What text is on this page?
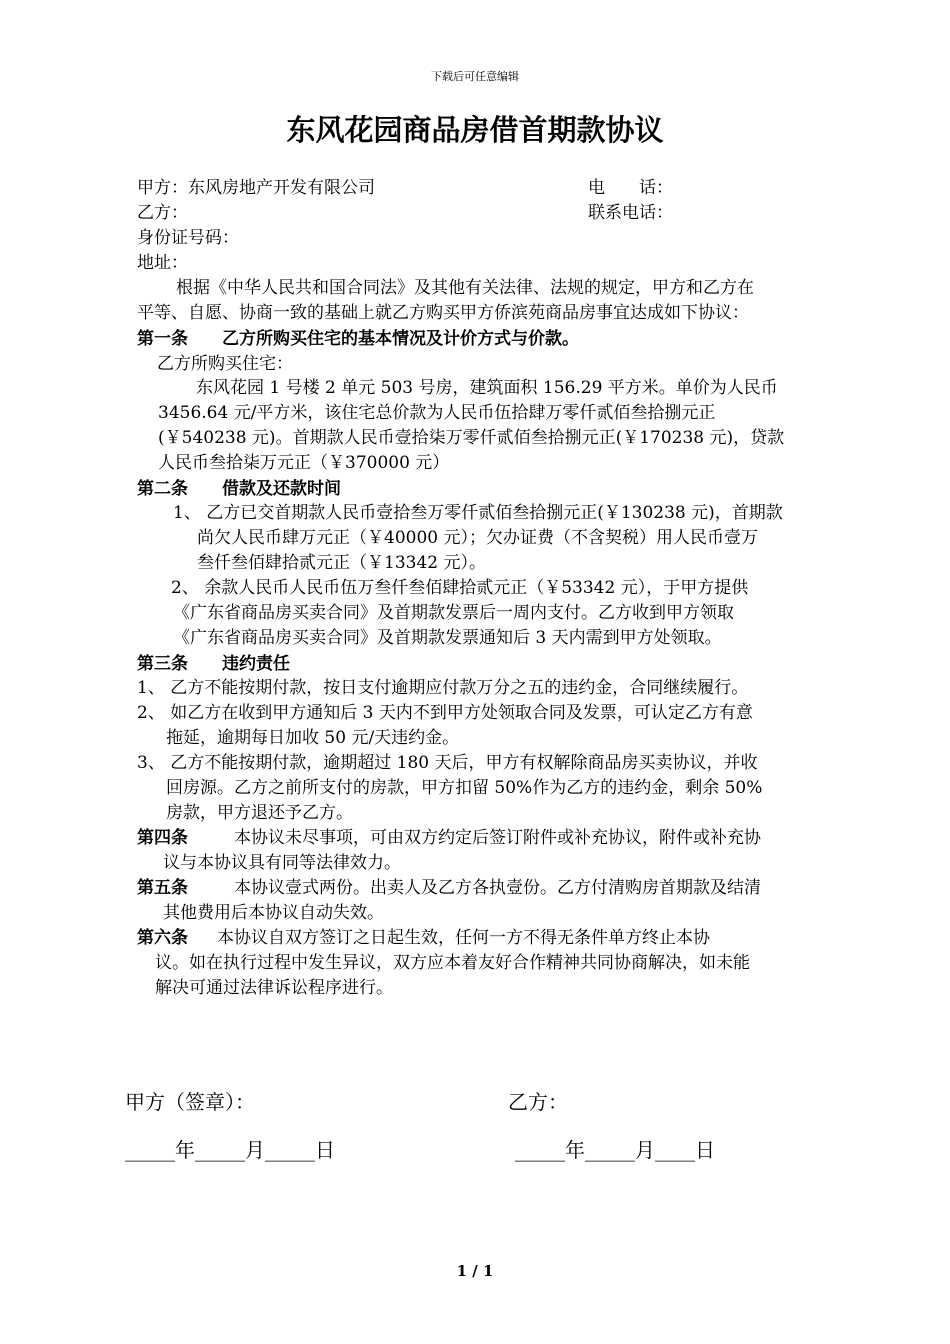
下载后可任意编辑
东风花园商品房借首期款协议
甲方：东风房地产开发有限公司	电　　话：
乙方：	联系电话：
身份证号码：
地址：
根据《中华人民共和国合同法》及其他有关法律、法规的规定，甲方和乙方在
平等、自愿、协商一致的基础上就乙方购买甲方侨滨苑商品房事宜达成如下协议：
第一条　　乙方所购买住宅的基本情况及计价方式与价款。
乙方所购买住宅：
东风花园 1 号楼 2 单元 503 号房，建筑面积 156.29 平方米。单价为人民币
3456.64 元/平方米，该住宅总价款为人民币伍拾肆万零仟贰佰叁拾捌元正
(￥540238 元)。首期款人民币壹拾柒万零仟贰佰叁拾捌元正(￥170238 元)，贷款
人民币叁拾柒万元正（￥370000 元）
第二条　　借款及还款时间
1、 乙方已交首期款人民币壹拾叁万零仟贰佰叁拾捌元正(￥130238 元)，首期款
尚欠人民币肆万元正（￥40000 元）；欠办证费（不含契税）用人民币壹万
叁仟叁佰肆拾贰元正（￥13342 元）。
2、 余款人民币人民币伍万叁仟叁佰肆拾贰元正（￥53342 元），于甲方提供
《广东省商品房买卖合同》及首期款发票后一周内支付。乙方收到甲方领取
《广东省商品房买卖合同》及首期款发票通知后 3 天内需到甲方处领取。
第三条　　违约责任
1、 乙方不能按期付款，按日支付逾期应付款万分之五的违约金，合同继续履行。
2、 如乙方在收到甲方通知后 3 天内不到甲方处领取合同及发票，可认定乙方有意
拖延，逾期每日加收 50 元/天违约金。
3、 乙方不能按期付款，逾期超过 180 天后，甲方有权解除商品房买卖协议，并收
回房源。乙方之前所支付的房款，甲方扣留 50%作为乙方的违约金，剩余 50%
房款，甲方退还予乙方。
第四条	本协议未尽事项，可由双方约定后签订附件或补充协议，附件或补充协
议与本协议具有同等法律效力。
第五条	本协议壹式两份。出卖人及乙方各执壹份。乙方付清购房首期款及结清
其他费用后本协议自动失效。
第六条 本协议自双方签订之日起生效，任何一方不得无条件单方终止本协
议。如在执行过程中发生异议，双方应本着友好合作精神共同协商解决，如未能
解决可通过法律诉讼程序进行。
甲方（签章）：	乙方：
_____年_____月_____日	_____年_____月____日
1 / 1
